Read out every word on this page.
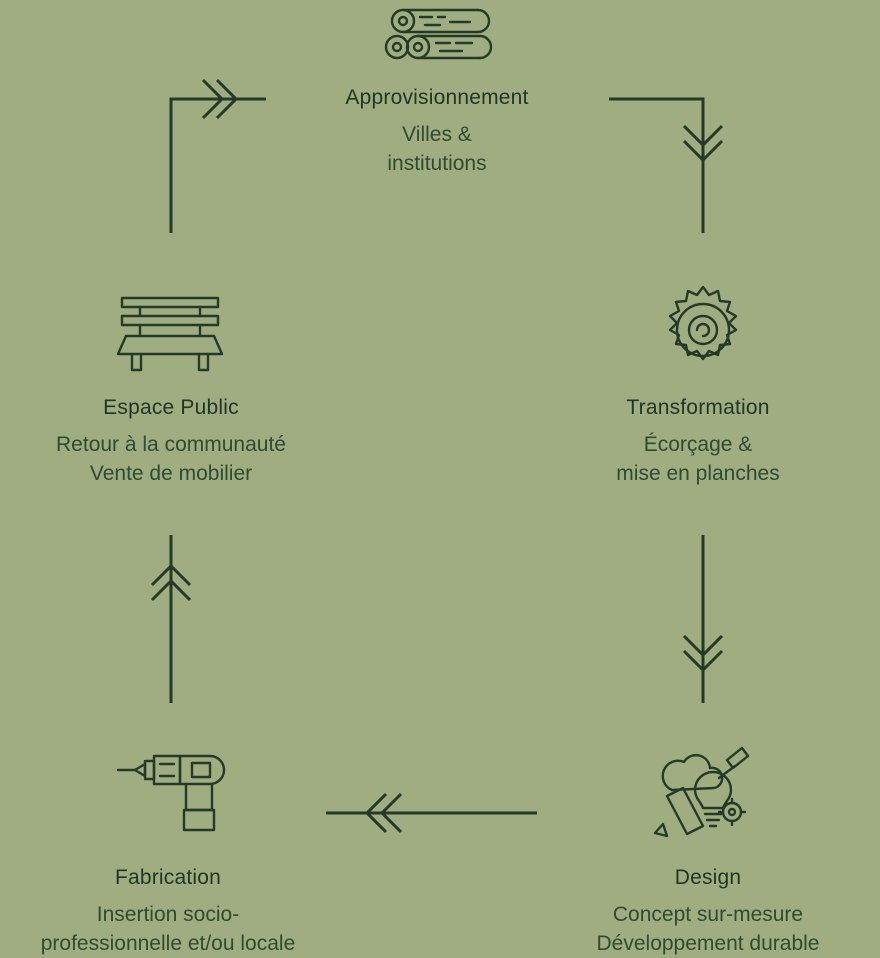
Approvisionnement
Villes &
institutions
Transformation
Écorçage &
mise en planches
Design
Concept sur-mesure
Développement durable
Fabrication
Insertion socio-
professionnelle et/ou locale
Espace Public
Retour à la communauté
Vente de mobilier
